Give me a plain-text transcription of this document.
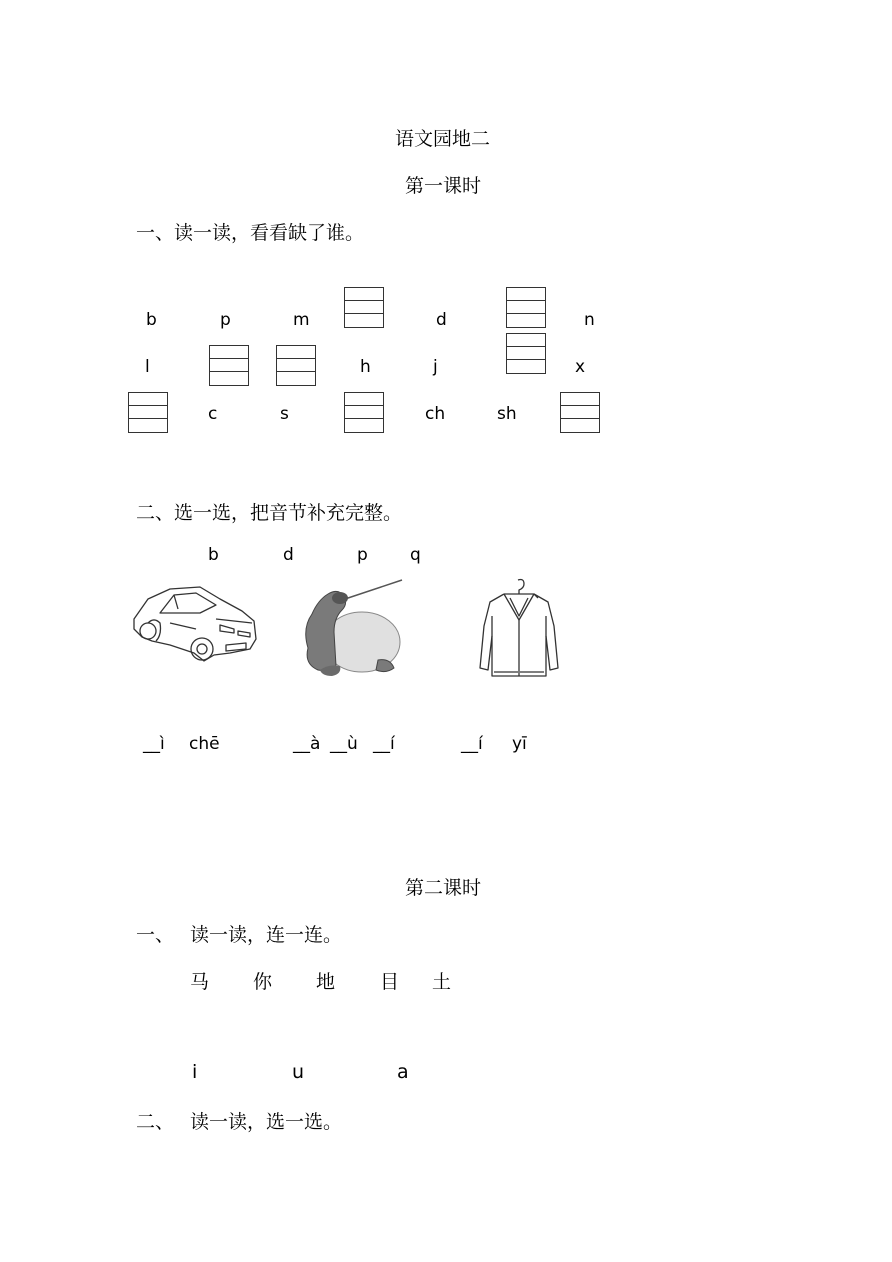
语文园地二
第一课时
一、读一读，看看缺了谁。
b	p	m	d	n
l	h	j	x
c	s	ch	sh
二、选一选，把音节补充完整。
b	d	p q
__ì chē	__à __ù __í	__í yī
第二课时
一、 读一读，连一连。
马 你 地 目 土
i	u	a
二、 读一读，选一选。
